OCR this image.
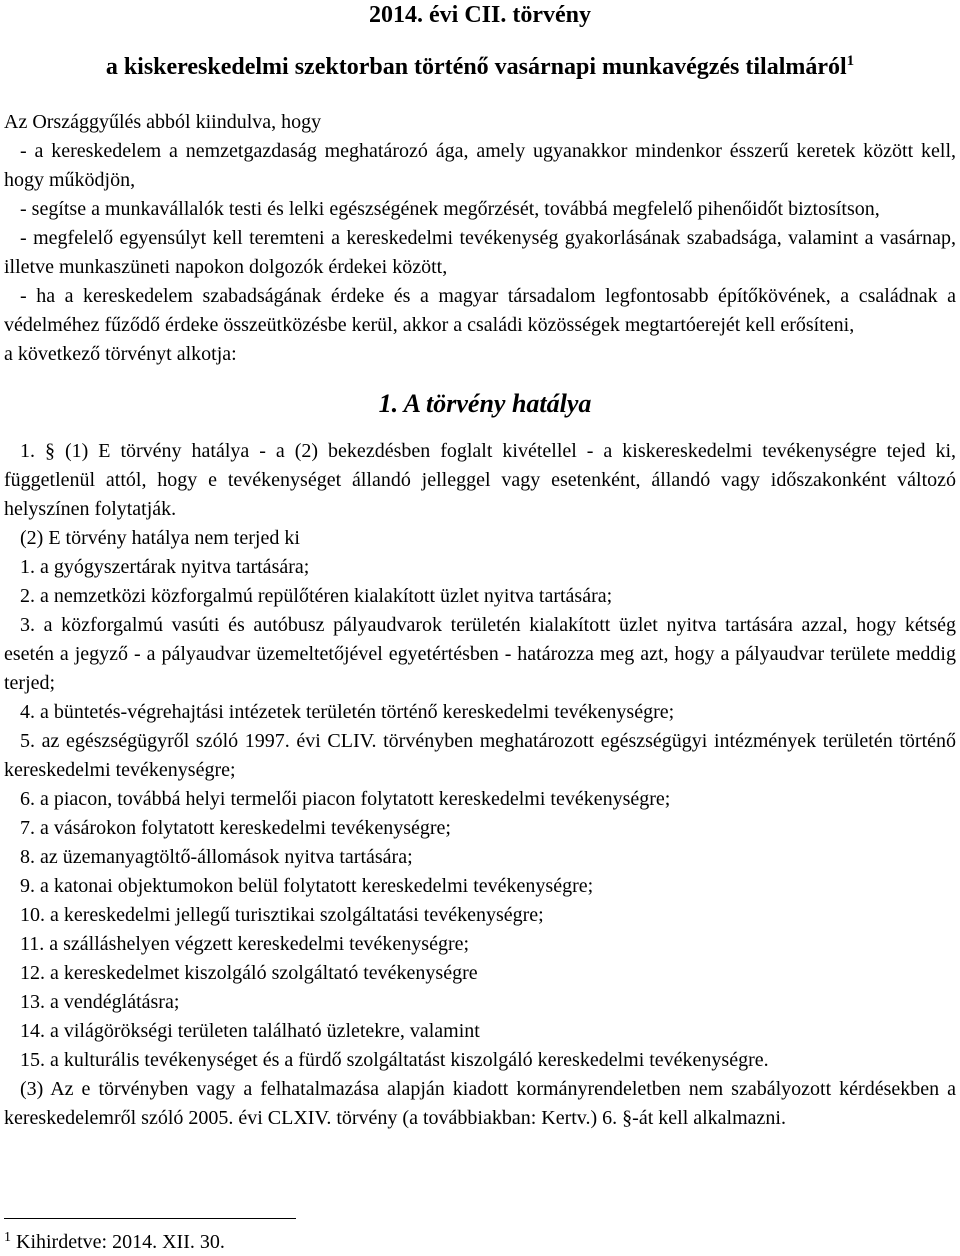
2014. évi CII. törvény
a kiskereskedelmi szektorban történő vasárnapi munkavégzés tilalmáról$^1$

Az Országgyűlés abból kiindulva, hogy

- a kereskedelem a nemzetgazdaság meghatározó ága, amely ugyanakkor mindenkor ésszerű keretek között kell, hogy működjön,

- segítse a munkavállalók testi és lelki egészségének megőrzését, továbbá megfelelő pihenőidőt biztosítson,

- megfelelő egyensúlyt kell teremteni a kereskedelmi tevékenység gyakorlásának szabadsága, valamint a vasárnap, illetve munkaszüneti napokon dolgozók érdekei között,

- ha a kereskedelem szabadságának érdeke és a magyar társadalom legfontosabb építőkövének, a családnak a védelméhez fűződő érdeke összeütközésbe kerül, akkor a családi közösségek megtartóerejét kell erősíteni,

a következő törvényt alkotja:

1. A törvény hatálya

1. § (1) E törvény hatálya - a (2) bekezdésben foglalt kivétellel - a kiskereskedelmi tevékenységre tejed ki, függetlenül attól, hogy e tevékenységet állandó jelleggel vagy esetenként, állandó vagy időszakonként változó helyszínen folytatják.

(2) E törvény hatálya nem terjed ki

1. a gyógyszertárak nyitva tartására;

2. a nemzetközi közforgalmú repülőtéren kialakított üzlet nyitva tartására;

3. a közforgalmú vasúti és autóbusz pályaudvarok területén kialakított üzlet nyitva tartására azzal, hogy kétség esetén a jegyző - a pályaudvar üzemeltetőjével egyetértésben - határozza meg azt, hogy a pályaudvar területe meddig terjed;

4. a büntetés-végrehajtási intézetek területén történő kereskedelmi tevékenységre;

5. az egészségügyről szóló 1997. évi CLIV. törvényben meghatározott egészségügyi intézmények területén történő kereskedelmi tevékenységre;

6. a piacon, továbbá helyi termelői piacon folytatott kereskedelmi tevékenységre;

7. a vásárokon folytatott kereskedelmi tevékenységre;

8. az üzemanyagtöltő-állomások nyitva tartására;

9. a katonai objektumokon belül folytatott kereskedelmi tevékenységre;

10. a kereskedelmi jellegű turisztikai szolgáltatási tevékenységre;

11. a szálláshelyen végzett kereskedelmi tevékenységre;

12. a kereskedelmet kiszolgáló szolgáltató tevékenységre

13. a vendéglátásra;

14. a világörökségi területen található üzletekre, valamint

15. a kulturális tevékenységet és a fürdő szolgáltatást kiszolgáló kereskedelmi tevékenységre.

(3) Az e törvényben vagy a felhatalmazása alapján kiadott kormányrendeletben nem szabályozott kérdésekben a kereskedelemről szóló 2005. évi CLXIV. törvény (a továbbiakban: Kertv.) 6. §-át kell alkalmazni.

$^1$ Kihirdetve: 2014. XII. 30.
